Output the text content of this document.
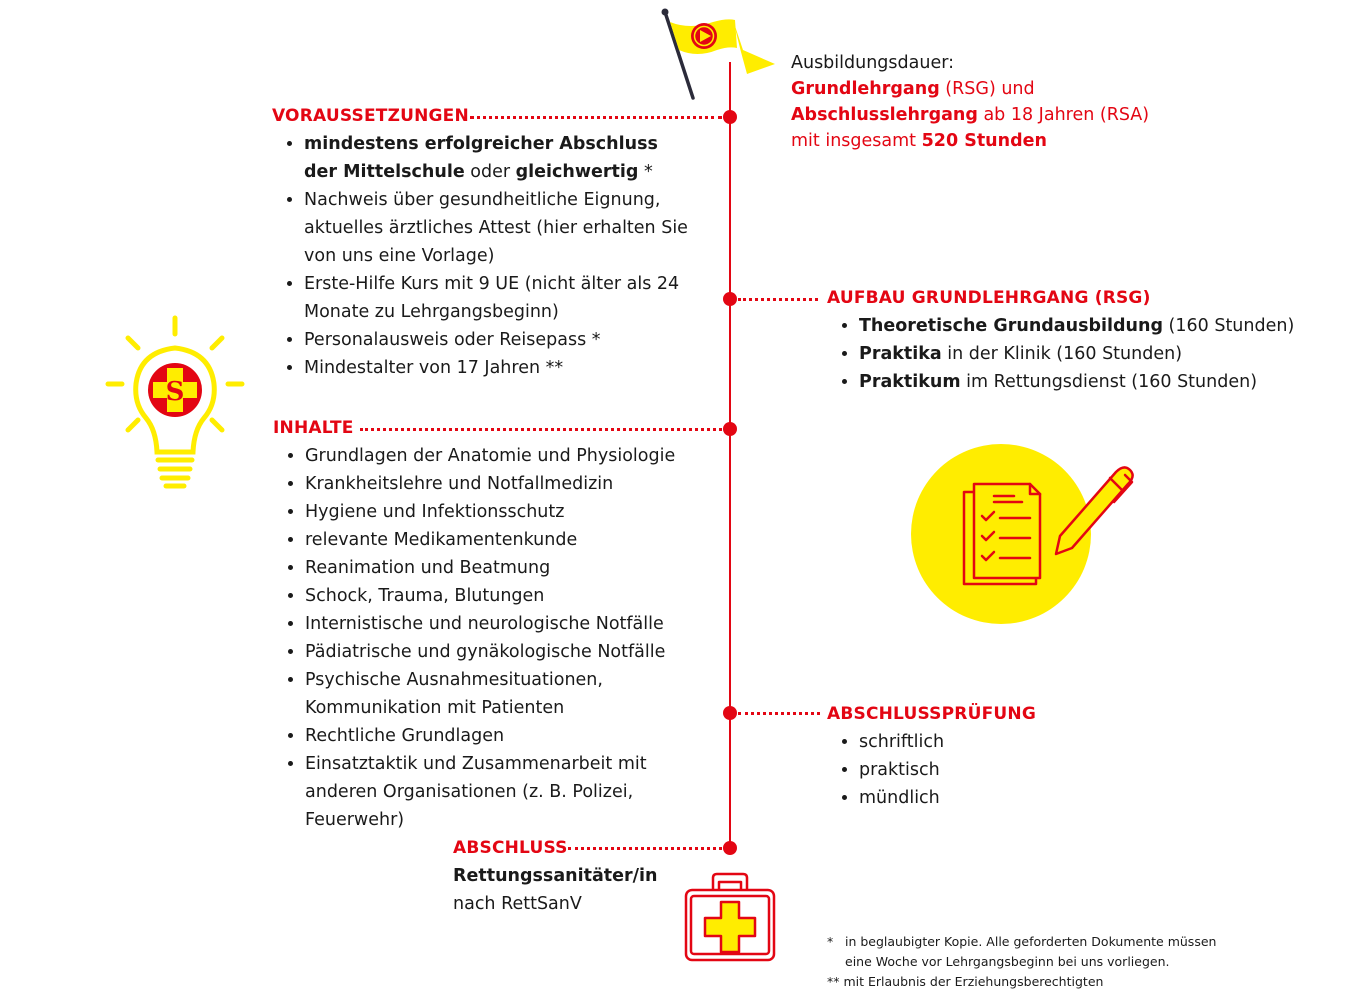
Ausbildungsdauer:
Grundlehrgang (RSG) und
Abschlusslehrgang ab 18 Jahren (RSA)
mit insgesamt 520 Stunden
VORAUSSETZUNGEN
• mindestens erfolgreicher Abschluss der Mittelschule oder gleichwertig *
• Nachweis über gesundheitliche Eignung, aktuelles ärztliches Attest (hier erhalten Sie von uns eine Vorlage)
• Erste-Hilfe Kurs mit 9 UE (nicht älter als 24 Monate zu Lehrgangsbeginn)
• Personalausweis oder Reisepass *
• Mindestalter von 17 Jahren **
AUFBAU GRUNDLEHRGANG (RSG)
• Theoretische Grundausbildung (160 Stunden)
• Praktika in der Klinik (160 Stunden)
• Praktikum im Rettungsdienst (160 Stunden)
S
INHALTE
• Grundlagen der Anatomie und Physiologie
• Krankheitslehre und Notfallmedizin
• Hygiene und Infektionsschutz
• relevante Medikamentenkunde
• Reanimation und Beatmung
• Schock, Trauma, Blutungen
• Internistische und neurologische Notfälle
• Pädiatrische und gynäkologische Notfälle
• Psychische Ausnahmesituationen, Kommunikation mit Patienten
• Rechtliche Grundlagen
• Einsatztaktik und Zusammenarbeit mit anderen Organisationen (z. B. Polizei, Feuerwehr)
ABSCHLUSSPRÜFUNG
• schriftlich
• praktisch
• mündlich
ABSCHLUSS
Rettungssanitäter/in
nach RettSanV
* in beglaubigter Kopie. Alle geforderten Dokumente müssen eine Woche vor Lehrgangsbeginn bei uns vorliegen.
** mit Erlaubnis der Erziehungsberechtigten
